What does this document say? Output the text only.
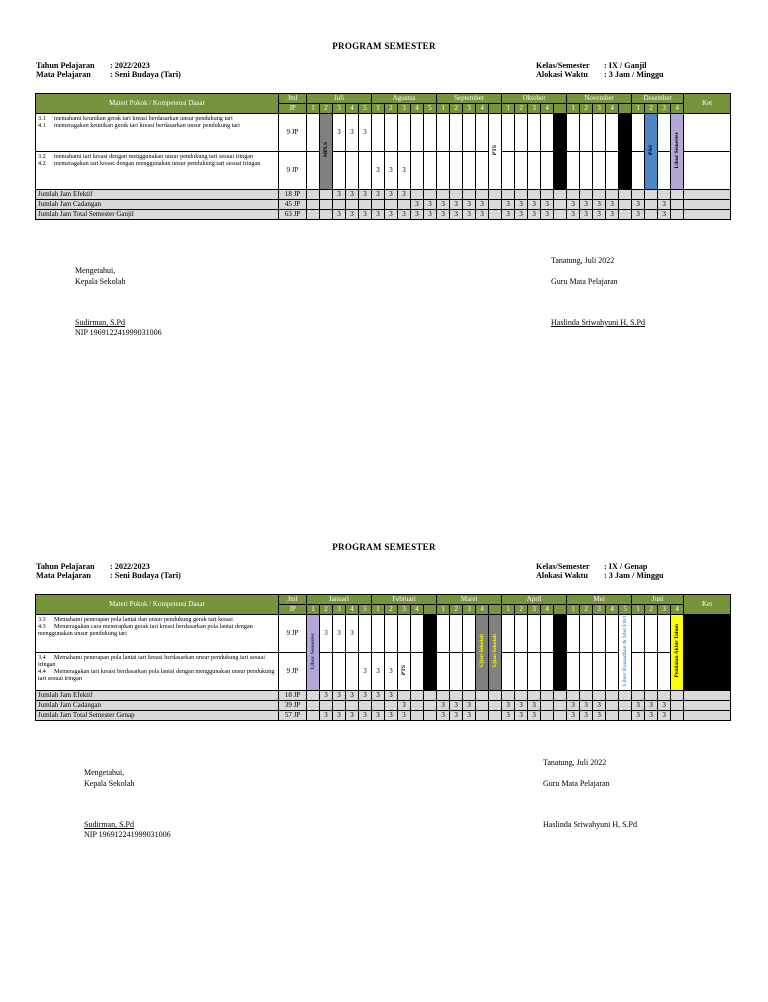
PROGRAM SEMESTER
Tahun Pelajaran : 2022/2023
Mata Pelajaran : Seni Budaya (Tari)
Kelas/Semester : IX / Ganjil
Alokasi Waktu : 3 Jam / Minggu
Materi Pokok / Kompetensi Dasar	Jml	Juli					Agustus					September					Oktober					November					Desember				Ket
	JP	1	2	3	4	5	1	2	3	4	5	1	2	3	4		1	2	3	4		1	2	3	4		1	2	3	4	

3.1 memahami keunikan gerak tari kreasi berdasarkan unsur pendukung tari
4.1 memeragakan keunikan gerak tari kreasi berdasarkan unsur pendukung tari	9 JP		MPLS	3	3	3										PTS												PAS		Libur Semester	

3.2 memahami tari kreasi dengan menggunakan unsur pendukung tari sesuai iringan
4.2 memeragakan tari kreasi dengan menggunakan unsur pendukung tari sesuai iringan	9 JP						3	3	3																						
Jumlah Jam Efektif	18 JP			3	3	3	3	3	3																						
Jumlah Jam Cadangan	45 JP									3	3	3	3	3	3		3	3	3	3		3	3	3	3		3		3		
Jumlah Jam Total Semester Ganjil	63 JP			3	3	3	3	3	3	3	3	3	3	3	3		3	3	3	3		3	3	3	3		3		3		
Tanatung, Juli 2022
Mengetahui,
Kepala Sekolah	Guru Mata Pelajaran
Sudirman, S.Pd
NIP 196912241999031006
Haslinda Sriwahyuni H, S.Pd
PROGRAM SEMESTER
Tahun Pelajaran : 2022/2023
Mata Pelajaran : Seni Budaya (Tari)
Kelas/Semester : IX / Genap
Alokasi Waktu : 3 Jam / Minggu
Materi Pokok / Kompetensi Dasar	Jml	Januari					Februari					Maret					April					Mei					Juni				Ket
	JP	1	2	3	4	5	1	2	3	4		1	2	3	4		1	2	3	4		1	2	3	4	5	1	2	3	4	

3.3 Memahami penerapan pola lantai dan unsur pendukung gerak tari kreasi
4.3 Memeragakan cara menerapkan gerak tari kreasi berdasarkan pola lantai dengan menggunakan unsur pendukung tari	9 JP	Libur Semester	3	3	3										Ujian Sekolah	Ujian Sekolah										Libur Ramadhan & Idul Fitri				Penilaian Akhir Tahun	

3.4 Memahami penerapan pola lantai tari kreasi berdasarkan unsur pendukung tari sesuai iringan
4.4 Memeragakan tari kreasi berdasarkan pola lantai dengan menggunakan unsur pendukung tari sesuai iringan	9 JP					3	3	3	PTS																						
Jumlah Jam Efektif	18 JP		3	3	3	3	3	3																							
Jumlah Jam Cadangan	39 JP								3			3	3	3			3	3	3			3	3	3			3	3	3		
Jumlah Jam Total Semester Genap	57 JP		3	3	3	3	3	3	3			3	3	3			3	3	3			3	3	3			3	3	3		
Tanatung, Juli 2022
Mengetahui,
Kepala Sekolah	Guru Mata Pelajaran
Sudirman, S.Pd
NIP 196912241999031006
Haslinda Sriwahyuni H, S.Pd
